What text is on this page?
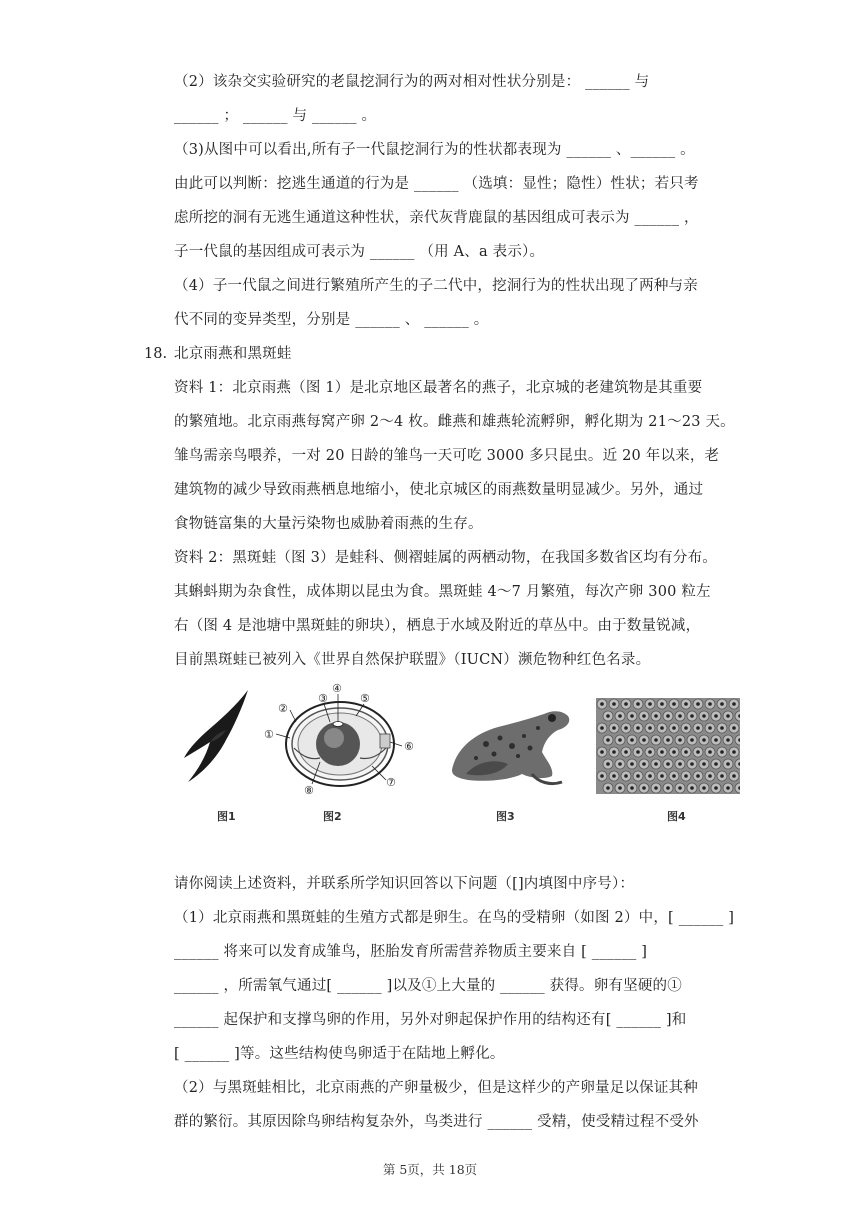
（2）该杂交实验研究的老鼠挖洞行为的两对相对性状分别是： ______ 与
______ ； ______ 与 ______ 。
（3)从图中可以看出,所有子一代鼠挖洞行为的性状都表现为 ______ 、______ 。
由此可以判断：挖逃生通道的行为是 ______ （选填：显性；隐性）性状；若只考
虑所挖的洞有无逃生通道这种性状，亲代灰背鹿鼠的基因组成可表示为 ______ ，
子一代鼠的基因组成可表示为 ______ （用 A、a 表示）。
（4）子一代鼠之间进行繁殖所产生的子二代中，挖洞行为的性状出现了两种与亲
代不同的变异类型，分别是 ______ 、 ______ 。
18. 北京雨燕和黑斑蛙
资料 1：北京雨燕（图 1）是北京地区最著名的燕子，北京城的老建筑物是其重要
的繁殖地。北京雨燕每窝产卵 2～4 枚。雌燕和雄燕轮流孵卵，孵化期为 21～23 天。
雏鸟需亲鸟喂养，一对 20 日龄的雏鸟一天可吃 3000 多只昆虫。近 20 年以来，老
建筑物的减少导致雨燕栖息地缩小，使北京城区的雨燕数量明显减少。另外，通过
食物链富集的大量污染物也威胁着雨燕的生存。
资料 2：黑斑蛙（图 3）是蛙科、侧褶蛙属的两栖动物，在我国多数省区均有分布。
其蝌蚪期为杂食性，成体期以昆虫为食。黑斑蛙 4～7 月繁殖，每次产卵 300 粒左
右（图 4 是池塘中黑斑蛙的卵块），栖息于水域及附近的草丛中。由于数量锐减，
目前黑斑蛙已被列入《世界自然保护联盟》（IUCN）濒危物种红色名录。
图1
①
②
③
④
⑤
⑥
⑦
⑧
图2	图3	图4
请你阅读上述资料，并联系所学知识回答以下问题（[]内填图中序号）：
（1）北京雨燕和黑斑蛙的生殖方式都是卵生。在鸟的受精卵（如图 2）中，[ ______ ]
______ 将来可以发育成雏鸟，胚胎发育所需营养物质主要来自 [ ______ ]
______ ，所需氧气通过[ ______ ]以及①上大量的 ______ 获得。卵有坚硬的①
______ 起保护和支撑鸟卵的作用，另外对卵起保护作用的结构还有[ ______ ]和
[ ______ ]等。这些结构使鸟卵适于在陆地上孵化。
（2）与黑斑蛙相比，北京雨燕的产卵量极少，但是这样少的产卵量足以保证其种
群的繁衍。其原因除鸟卵结构复杂外，鸟类进行 ______ 受精，使受精过程不受外
第 5页，共 18页
